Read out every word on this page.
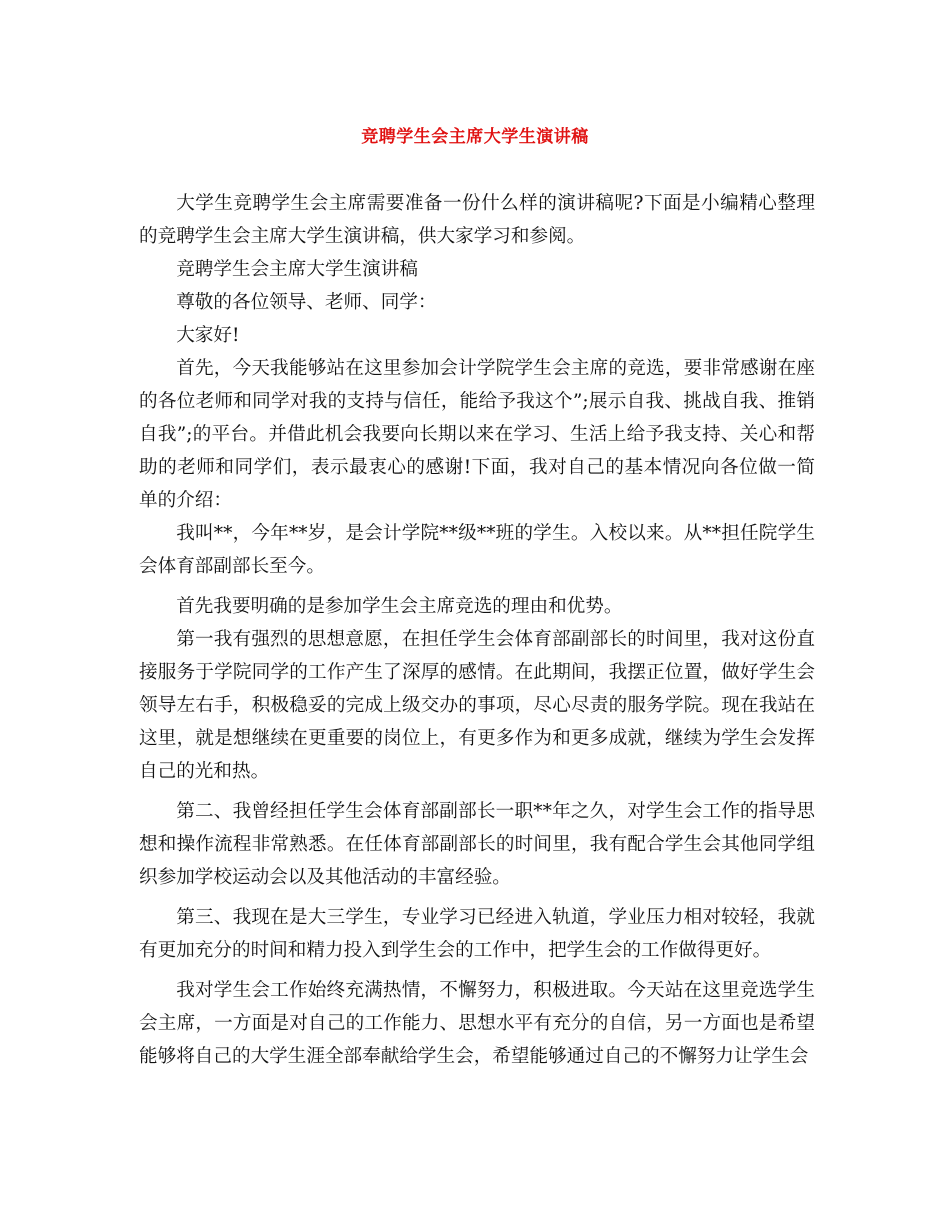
竞聘学生会主席大学生演讲稿

大学生竞聘学生会主席需要准备一份什么样的演讲稿呢?下面是小编精心整理的竞聘学生会主席大学生演讲稿，供大家学习和参阅。

竞聘学生会主席大学生演讲稿

尊敬的各位领导、老师、同学：

大家好!

首先，今天我能够站在这里参加会计学院学生会主席的竞选，要非常感谢在座的各位老师和同学对我的支持与信任，能给予我这个”;展示自我、挑战自我、推销自我”;的平台。并借此机会我要向长期以来在学习、生活上给予我支持、关心和帮助的老师和同学们，表示最衷心的感谢!下面，我对自己的基本情况向各位做一简单的介绍：

我叫**，今年**岁，是会计学院**级**班的学生。入校以来。从**担任院学生会体育部副部长至今。

首先我要明确的是参加学生会主席竞选的理由和优势。

第一我有强烈的思想意愿，在担任学生会体育部副部长的时间里，我对这份直接服务于学院同学的工作产生了深厚的感情。在此期间，我摆正位置，做好学生会领导左右手，积极稳妥的完成上级交办的事项，尽心尽责的服务学院。现在我站在这里，就是想继续在更重要的岗位上，有更多作为和更多成就，继续为学生会发挥自己的光和热。

第二、我曾经担任学生会体育部副部长一职**年之久，对学生会工作的指导思想和操作流程非常熟悉。在任体育部副部长的时间里，我有配合学生会其他同学组织参加学校运动会以及其他活动的丰富经验。

第三、我现在是大三学生，专业学习已经进入轨道，学业压力相对较轻，我就有更加充分的时间和精力投入到学生会的工作中，把学生会的工作做得更好。

我对学生会工作始终充满热情，不懈努力，积极进取。今天站在这里竞选学生会主席，一方面是对自己的工作能力、思想水平有充分的自信，另一方面也是希望能够将自己的大学生涯全部奉献给学生会，希望能够通过自己的不懈努力让学生会
